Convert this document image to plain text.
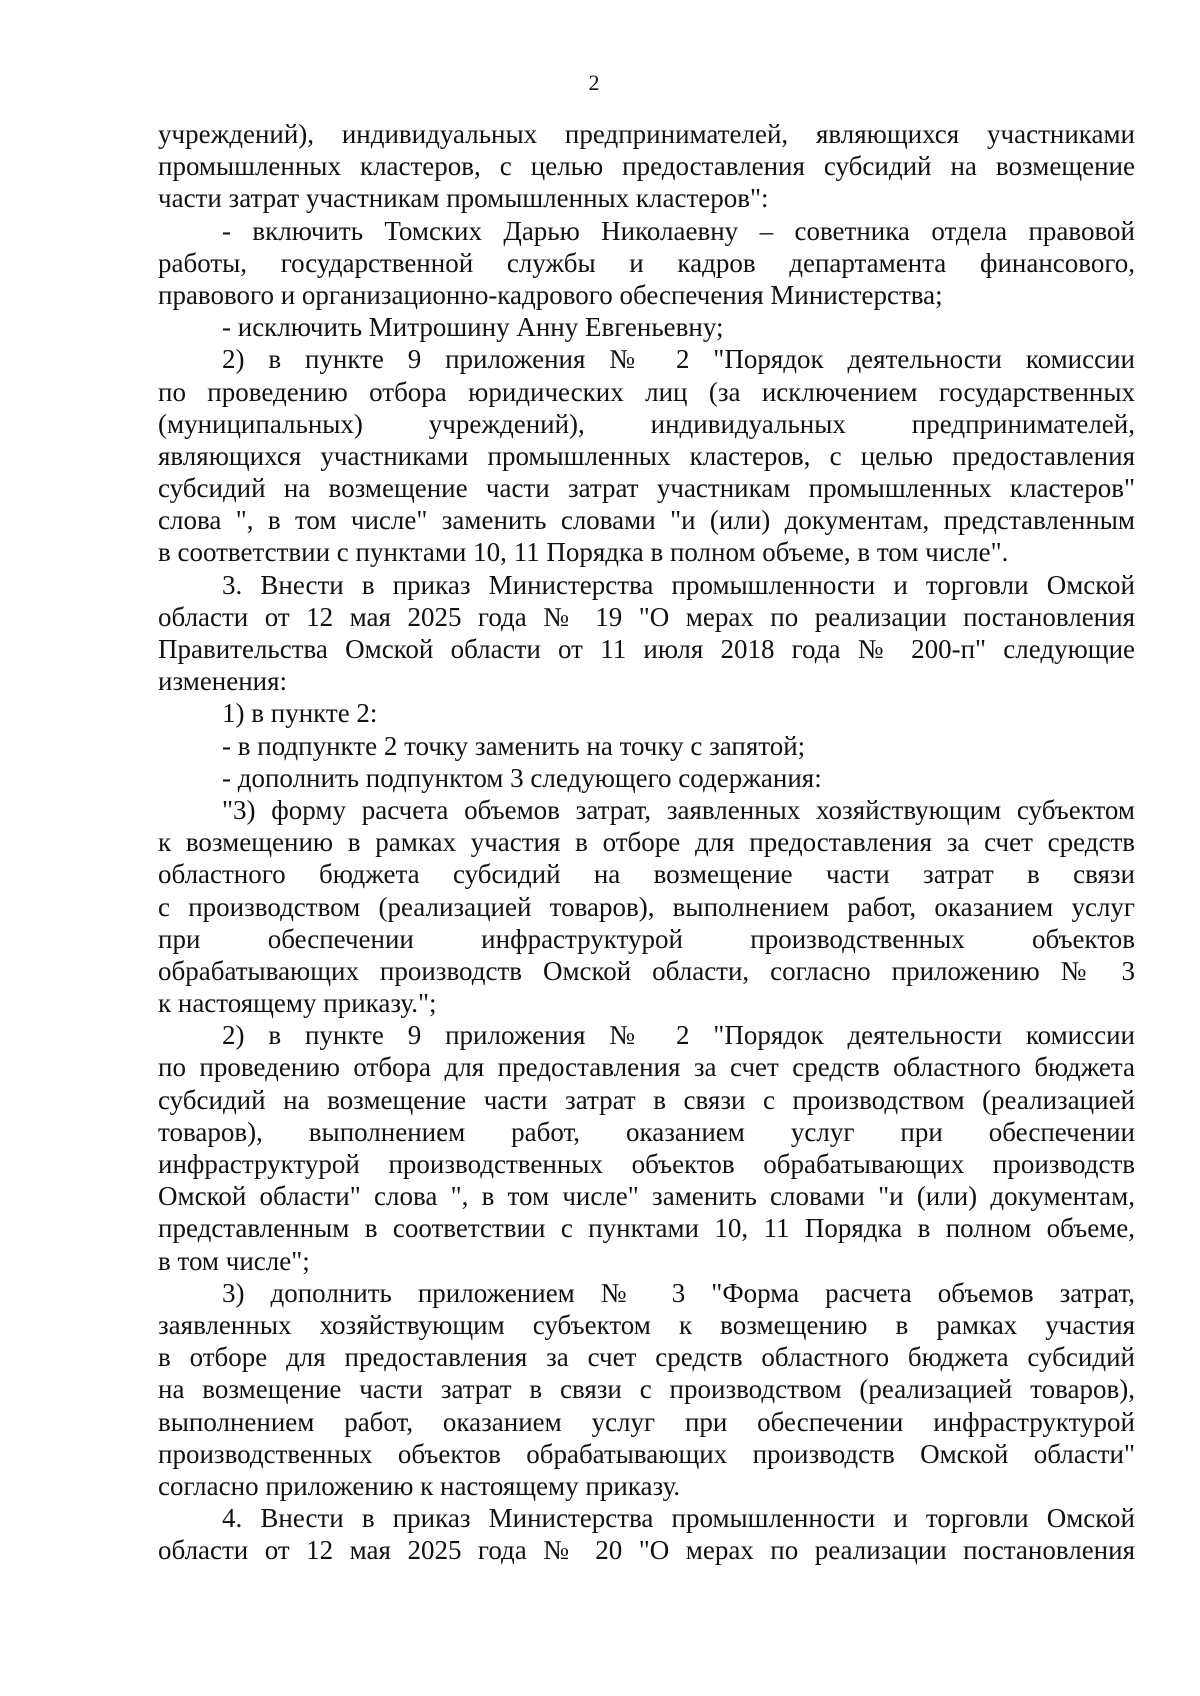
2
учреждений), индивидуальных предпринимателей, являющихся участниками
промышленных кластеров, с целью предоставления субсидий на возмещение
части затрат участникам промышленных кластеров":
- включить Томских Дарью Николаевну – советника отдела правовой
работы, государственной службы и кадров департамента финансового,
правового и организационно-кадрового обеспечения Министерства;
- исключить Митрошину Анну Евгеньевну;
2) в пункте 9 приложения № 2 "Порядок деятельности комиссии
по проведению отбора юридических лиц (за исключением государственных
(муниципальных) учреждений), индивидуальных предпринимателей,
являющихся участниками промышленных кластеров, с целью предоставления
субсидий на возмещение части затрат участникам промышленных кластеров"
слова ", в том числе" заменить словами "и (или) документам, представленным
в соответствии с пунктами 10, 11 Порядка в полном объеме, в том числе".
3. Внести в приказ Министерства промышленности и торговли Омской
области от 12 мая 2025 года № 19 "О мерах по реализации постановления
Правительства Омской области от 11 июля 2018 года № 200-п" следующие
изменения:
1) в пункте 2:
- в подпункте 2 точку заменить на точку с запятой;
- дополнить подпунктом 3 следующего содержания:
"3) форму расчета объемов затрат, заявленных хозяйствующим субъектом
к возмещению в рамках участия в отборе для предоставления за счет средств
областного бюджета субсидий на возмещение части затрат в связи
с производством (реализацией товаров), выполнением работ, оказанием услуг
при обеспечении инфраструктурой производственных объектов
обрабатывающих производств Омской области, согласно приложению № 3
к настоящему приказу.";
2) в пункте 9 приложения № 2 "Порядок деятельности комиссии
по проведению отбора для предоставления за счет средств областного бюджета
субсидий на возмещение части затрат в связи с производством (реализацией
товаров), выполнением работ, оказанием услуг при обеспечении
инфраструктурой производственных объектов обрабатывающих производств
Омской области" слова ", в том числе" заменить словами "и (или) документам,
представленным в соответствии с пунктами 10, 11 Порядка в полном объеме,
в том числе";
3) дополнить приложением № 3 "Форма расчета объемов затрат,
заявленных хозяйствующим субъектом к возмещению в рамках участия
в отборе для предоставления за счет средств областного бюджета субсидий
на возмещение части затрат в связи с производством (реализацией товаров),
выполнением работ, оказанием услуг при обеспечении инфраструктурой
производственных объектов обрабатывающих производств Омской области"
согласно приложению к настоящему приказу.
4. Внести в приказ Министерства промышленности и торговли Омской
области от 12 мая 2025 года № 20 "О мерах по реализации постановления
